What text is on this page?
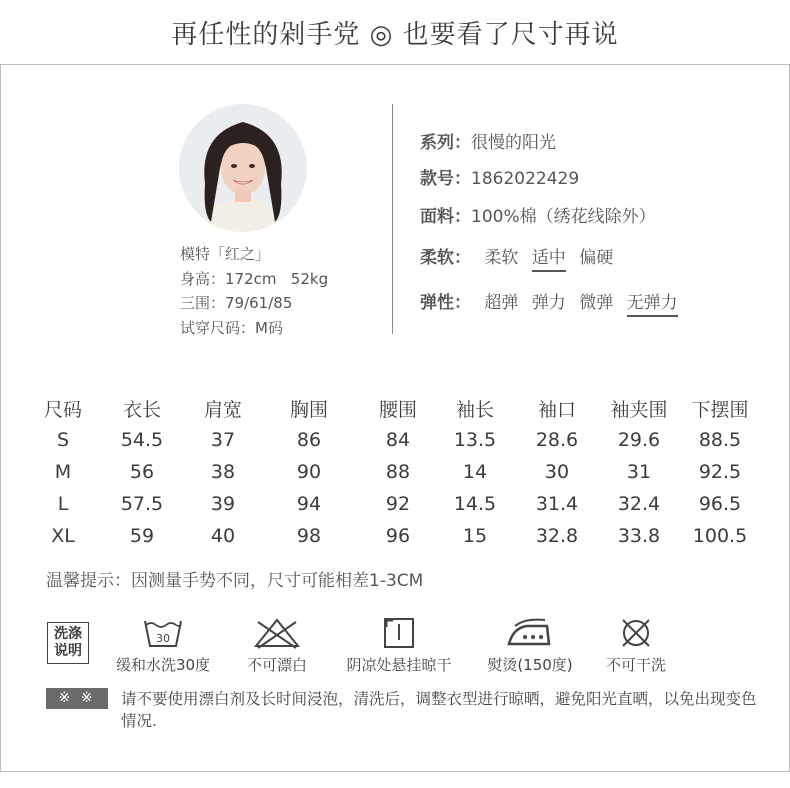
再任性的剁手党 ◎ 也要看了尺寸再说
模特「红之」
身高：172cm   52kg
三围：79/61/85
试穿尺码：M码
系列：很慢的阳光
款号：1862022429
面料：100%棉（绣花线除外）
柔软： 柔软 适中 偏硬
弹性： 超弹 弹力 微弹 无弹力
尺码	衣长	肩宽	胸围	腰围	袖长	袖口	袖夹围	下摆围
S	54.5	37	86	84	13.5	28.6	29.6	88.5
M	56	38	90	88	14	30	31	92.5
L	57.5	39	94	92	14.5	31.4	32.4	96.5
XL	59	40	98	96	15	32.8	33.8	100.5
温馨提示：因测量手势不同，尺寸可能相差1-3CM
洗涤
说明
30
缓和水洗30度	不可漂白	阴凉处悬挂晾干	熨烫(150度)	不可干洗
※ ※	请不要使用漂白剂及长时间浸泡，清洗后，调整衣型进行晾晒，避免阳光直晒，以免出现变色情况.
